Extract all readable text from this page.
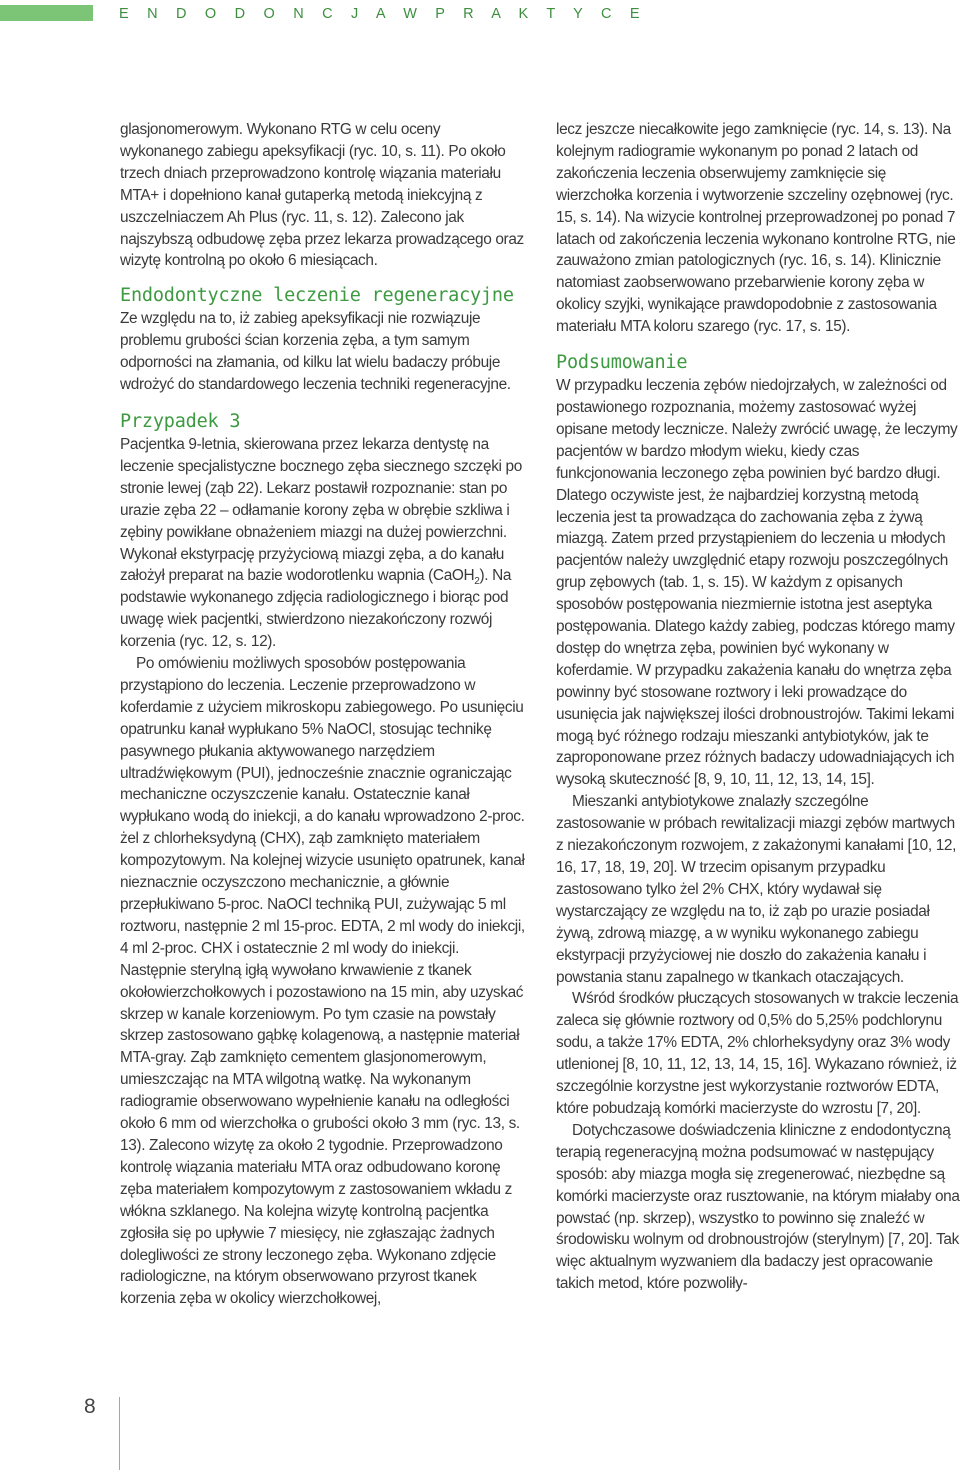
E N D O D O N C J A W P R A K T Y C E

glasjonomerowym. Wykonano RTG w celu oceny wykonanego zabiegu apeksyfikacji (ryc. 10, s. 11). Po około trzech dniach przeprowadzono kontrolę wiązania materiału MTA+ i dopełniono kanał gutaperką metodą iniekcyjną z uszczelniaczem Ah Plus (ryc. 11, s. 12). Zalecono jak najszybszą odbudowę zęba przez lekarza prowadzącego oraz wizytę kontrolną po około 6 miesiącach.

Endodontyczne leczenie regeneracyjne

Ze względu na to, iż zabieg apeksyfikacji nie rozwiązuje problemu grubości ścian korzenia zęba, a tym samym odporności na złamania, od kilku lat wielu badaczy próbuje wdrożyć do standardowego leczenia techniki regeneracyjne.

Przypadek 3

Pacjentka 9-letnia, skierowana przez lekarza dentystę na leczenie specjalistyczne bocznego zęba siecznego szczęki po stronie lewej (ząb 22). Lekarz postawił rozpoznanie: stan po urazie zęba 22 – odłamanie korony zęba w obrębie szkliwa i zębiny powikłane obnażeniem miazgi na dużej powierzchni. Wykonał ekstyrpację przyżyciową miazgi zęba, a do kanału założył preparat na bazie wodorotlenku wapnia (CaOH$_2$). Na podstawie wykonanego zdjęcia radiologicznego i biorąc pod uwagę wiek pacjentki, stwierdzono niezakończony rozwój korzenia (ryc. 12, s. 12).

Po omówieniu możliwych sposobów postępowania przystąpiono do leczenia. Leczenie przeprowadzono w koferdamie z użyciem mikroskopu zabiegowego. Po usunięciu opatrunku kanał wypłukano 5% NaOCl, stosując technikę pasywnego płukania aktywowanego narzędziem ultradźwiękowym (PUI), jednocześnie znacznie ograniczając mechaniczne oczyszczenie kanału. Ostatecznie kanał wypłukano wodą do iniekcji, a do kanału wprowadzono 2-proc. żel z chlorheksydyną (CHX), ząb zamknięto materiałem kompozytowym. Na kolejnej wizycie usunięto opatrunek, kanał nieznacznie oczyszczono mechanicznie, a głównie przepłukiwano 5-proc. NaOCl techniką PUI, zużywając 5 ml roztworu, następnie 2 ml 15-proc. EDTA, 2 ml wody do iniekcji, 4 ml 2-proc. CHX i ostatecznie 2 ml wody do iniekcji. Następnie sterylną igłą wywołano krwawienie z tkanek okołowierzchołkowych i pozostawiono na 15 min, aby uzyskać skrzep w kanale korzeniowym. Po tym czasie na powstały skrzep zastosowano gąbkę kolagenową, a następnie materiał MTA-gray. Ząb zamknięto cementem glasjonomerowym, umieszczając na MTA wilgotną watkę. Na wykonanym radiogramie obserwowano wypełnienie kanału na odległości około 6 mm od wierzchołka o grubości około 3 mm (ryc. 13, s. 13). Zalecono wizytę za około 2 tygodnie. Przeprowadzono kontrolę wiązania materiału MTA oraz odbudowano koronę zęba materiałem kompozytowym z zastosowaniem wkładu z włókna szklanego. Na kolejna wizytę kontrolną pacjentka zgłosiła się po upływie 7 miesięcy, nie zgłaszając żadnych dolegliwości ze strony leczonego zęba. Wykonano zdjęcie radiologiczne, na którym obserwowano przyrost tkanek korzenia zęba w okolicy wierzchołkowej,

lecz jeszcze niecałkowite jego zamknięcie (ryc. 14, s. 13). Na kolejnym radiogramie wykonanym po ponad 2 latach od zakończenia leczenia obserwujemy zamknięcie się wierzchołka korzenia i wytworzenie szczeliny ozębnowej (ryc. 15, s. 14). Na wizycie kontrolnej przeprowadzonej po ponad 7 latach od zakończenia leczenia wykonano kontrolne RTG, nie zauważono zmian patologicznych (ryc. 16, s. 14). Klinicznie natomiast zaobserwowano przebarwienie korony zęba w okolicy szyjki, wynikające prawdopodobnie z zastosowania materiału MTA koloru szarego (ryc. 17, s. 15).

Podsumowanie

W przypadku leczenia zębów niedojrzałych, w zależności od postawionego rozpoznania, możemy zastosować wyżej opisane metody lecznicze. Należy zwrócić uwagę, że leczymy pacjentów w bardzo młodym wieku, kiedy czas funkcjonowania leczonego zęba powinien być bardzo długi. Dlatego oczywiste jest, że najbardziej korzystną metodą leczenia jest ta prowadząca do zachowania zęba z żywą miazgą. Zatem przed przystąpieniem do leczenia u młodych pacjentów należy uwzględnić etapy rozwoju poszczególnych grup zębowych (tab. 1, s. 15). W każdym z opisanych sposobów postępowania niezmiernie istotna jest aseptyka postępowania. Dlatego każdy zabieg, podczas którego mamy dostęp do wnętrza zęba, powinien być wykonany w koferdamie. W przypadku zakażenia kanału do wnętrza zęba powinny być stosowane roztwory i leki prowadzące do usunięcia jak największej ilości drobnoustrojów. Takimi lekami mogą być różnego rodzaju mieszanki antybiotyków, jak te zaproponowane przez różnych badaczy udowadniających ich wysoką skuteczność [8, 9, 10, 11, 12, 13, 14, 15].

Mieszanki antybiotykowe znalazły szczególne zastosowanie w próbach rewitalizacji miazgi zębów martwych z niezakończonym rozwojem, z zakażonymi kanałami [10, 12, 16, 17, 18, 19, 20]. W trzecim opisanym przypadku zastosowano tylko żel 2% CHX, który wydawał się wystarczający ze względu na to, iż ząb po urazie posiadał żywą, zdrową miazgę, a w wyniku wykonanego zabiegu ekstyrpacji przyżyciowej nie doszło do zakażenia kanału i powstania stanu zapalnego w tkankach otaczających.

Wśród środków płuczących stosowanych w trakcie leczenia zaleca się głównie roztwory od 0,5% do 5,25% podchlorynu sodu, a także 17% EDTA, 2% chlorheksydyny oraz 3% wody utlenionej [8, 10, 11, 12, 13, 14, 15, 16]. Wykazano również, iż szczególnie korzystne jest wykorzystanie roztworów EDTA, które pobudzają komórki macierzyste do wzrostu [7, 20].

Dotychczasowe doświadczenia kliniczne z endodontyczną terapią regeneracyjną można podsumować w następujący sposób: aby miazga mogła się zregenerować, niezbędne są komórki macierzyste oraz rusztowanie, na którym miałaby ona powstać (np. skrzep), wszystko to powinno się znaleźć w środowisku wolnym od drobnoustrojów (sterylnym) [7, 20]. Tak więc aktualnym wyzwaniem dla badaczy jest opracowanie takich metod, które pozwoliły-

8
